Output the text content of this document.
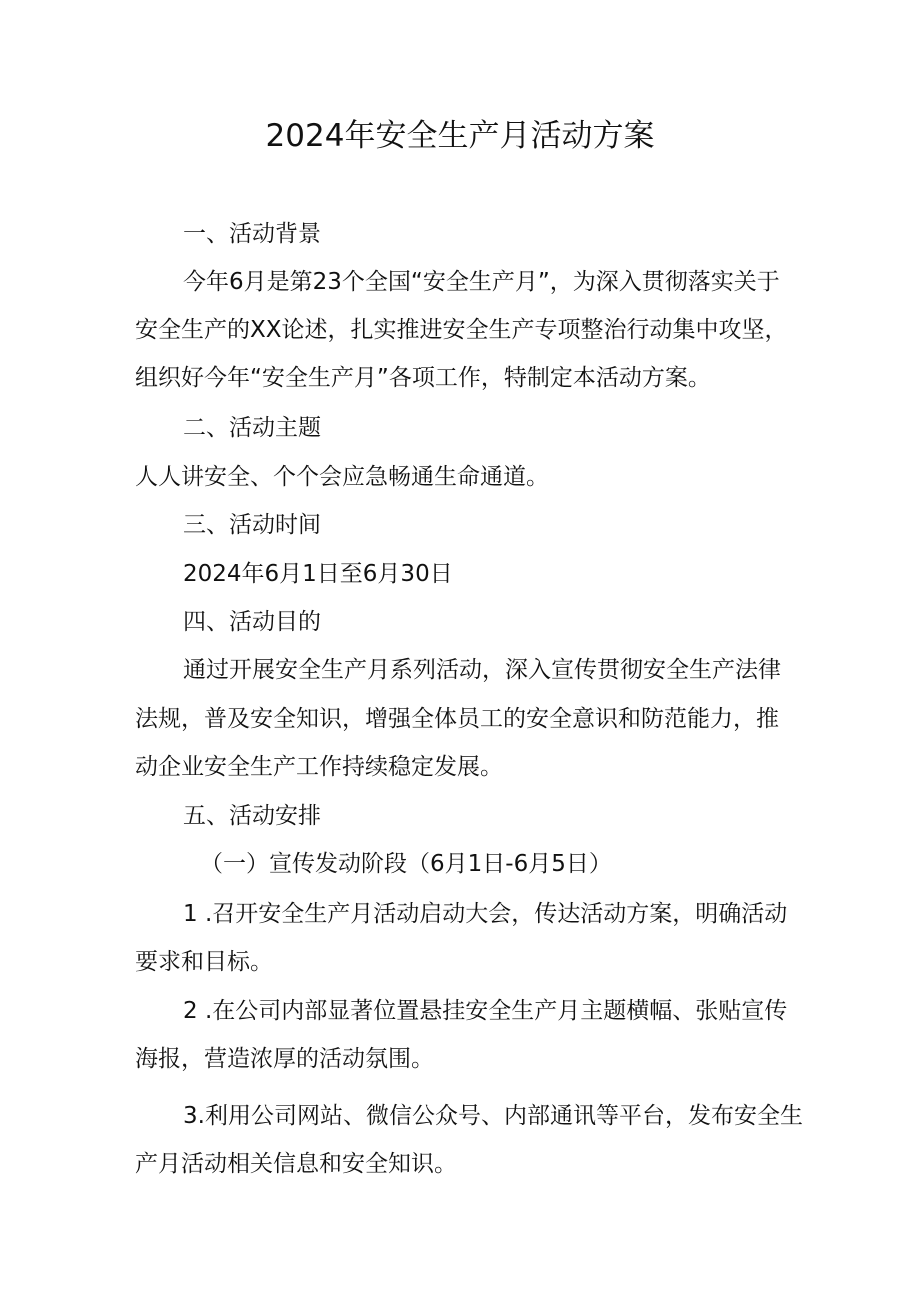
2024年安全生产月活动方案
一、活动背景
今年6月是第23个全国“安全生产月”，为深入贯彻落实关于
安全生产的XX论述，扎实推进安全生产专项整治行动集中攻坚，
组织好今年“安全生产月”各项工作，特制定本活动方案。
二、活动主题
人人讲安全、个个会应急畅通生命通道。
三、活动时间
2024年6月1日至6月30日
四、活动目的
通过开展安全生产月系列活动，深入宣传贯彻安全生产法律
法规，普及安全知识，增强全体员工的安全意识和防范能力，推
动企业安全生产工作持续稳定发展。
五、活动安排
（一）宣传发动阶段（6月1日-6月5日）
1 .召开安全生产月活动启动大会，传达活动方案，明确活动
要求和目标。
2 .在公司内部显著位置悬挂安全生产月主题横幅、张贴宣传
海报，营造浓厚的活动氛围。
3.利用公司网站、微信公众号、内部通讯等平台，发布安全生
产月活动相关信息和安全知识。
